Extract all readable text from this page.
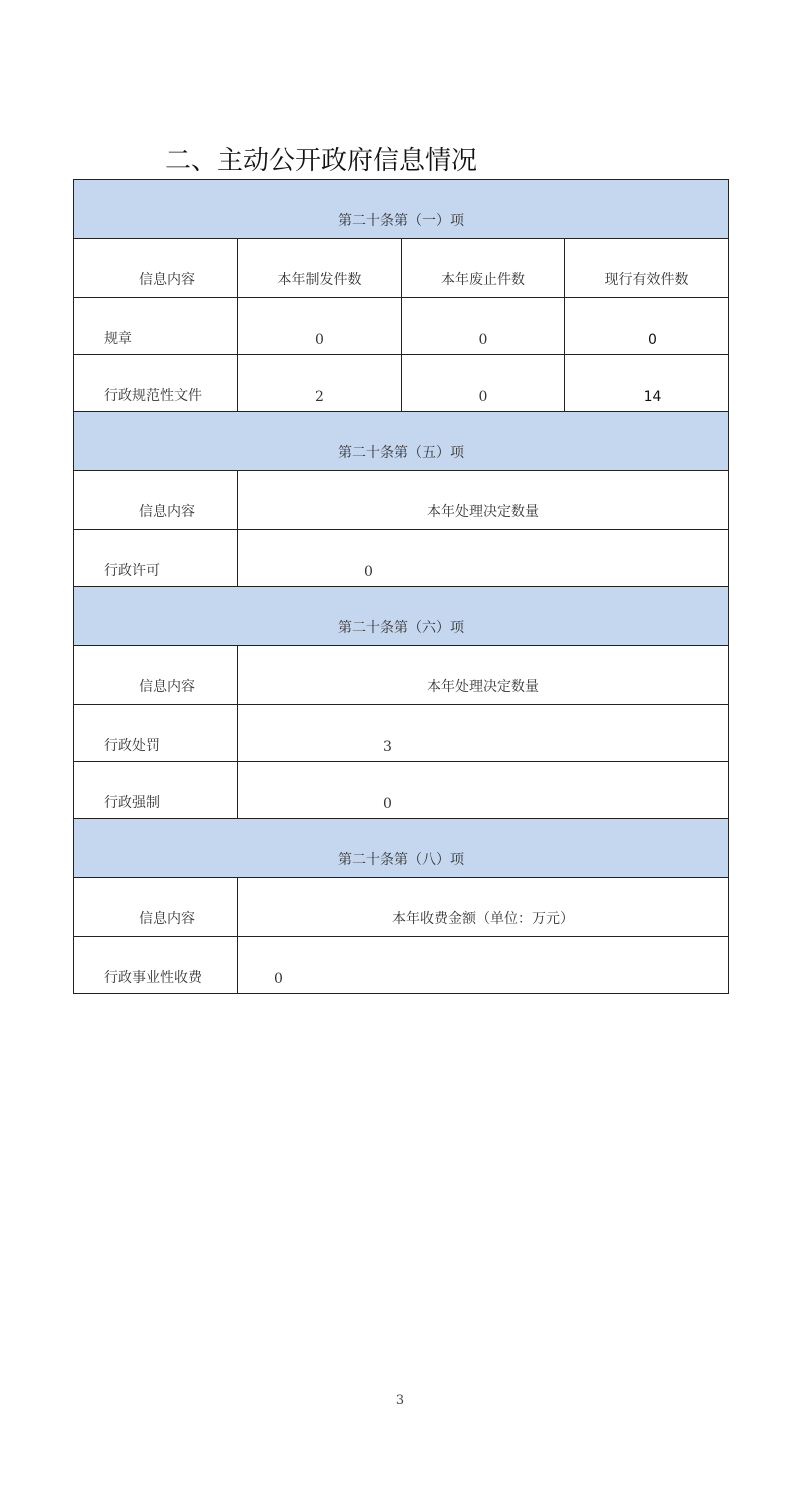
二、主动公开政府信息情况
第二十条第（一）项			
信息内容	本年制发件数	本年废止件数	现行有效件数
规章	0	0	0
行政规范性文件	2	0	14
第二十条第（五）项			
信息内容	本年处理决定数量		
行政许可	0		
第二十条第（六）项			
信息内容	本年处理决定数量		
行政处罚	3		
行政强制	0		
第二十条第（八）项			
信息内容	本年收费金额（单位：万元）		
行政事业性收费	0		
3
